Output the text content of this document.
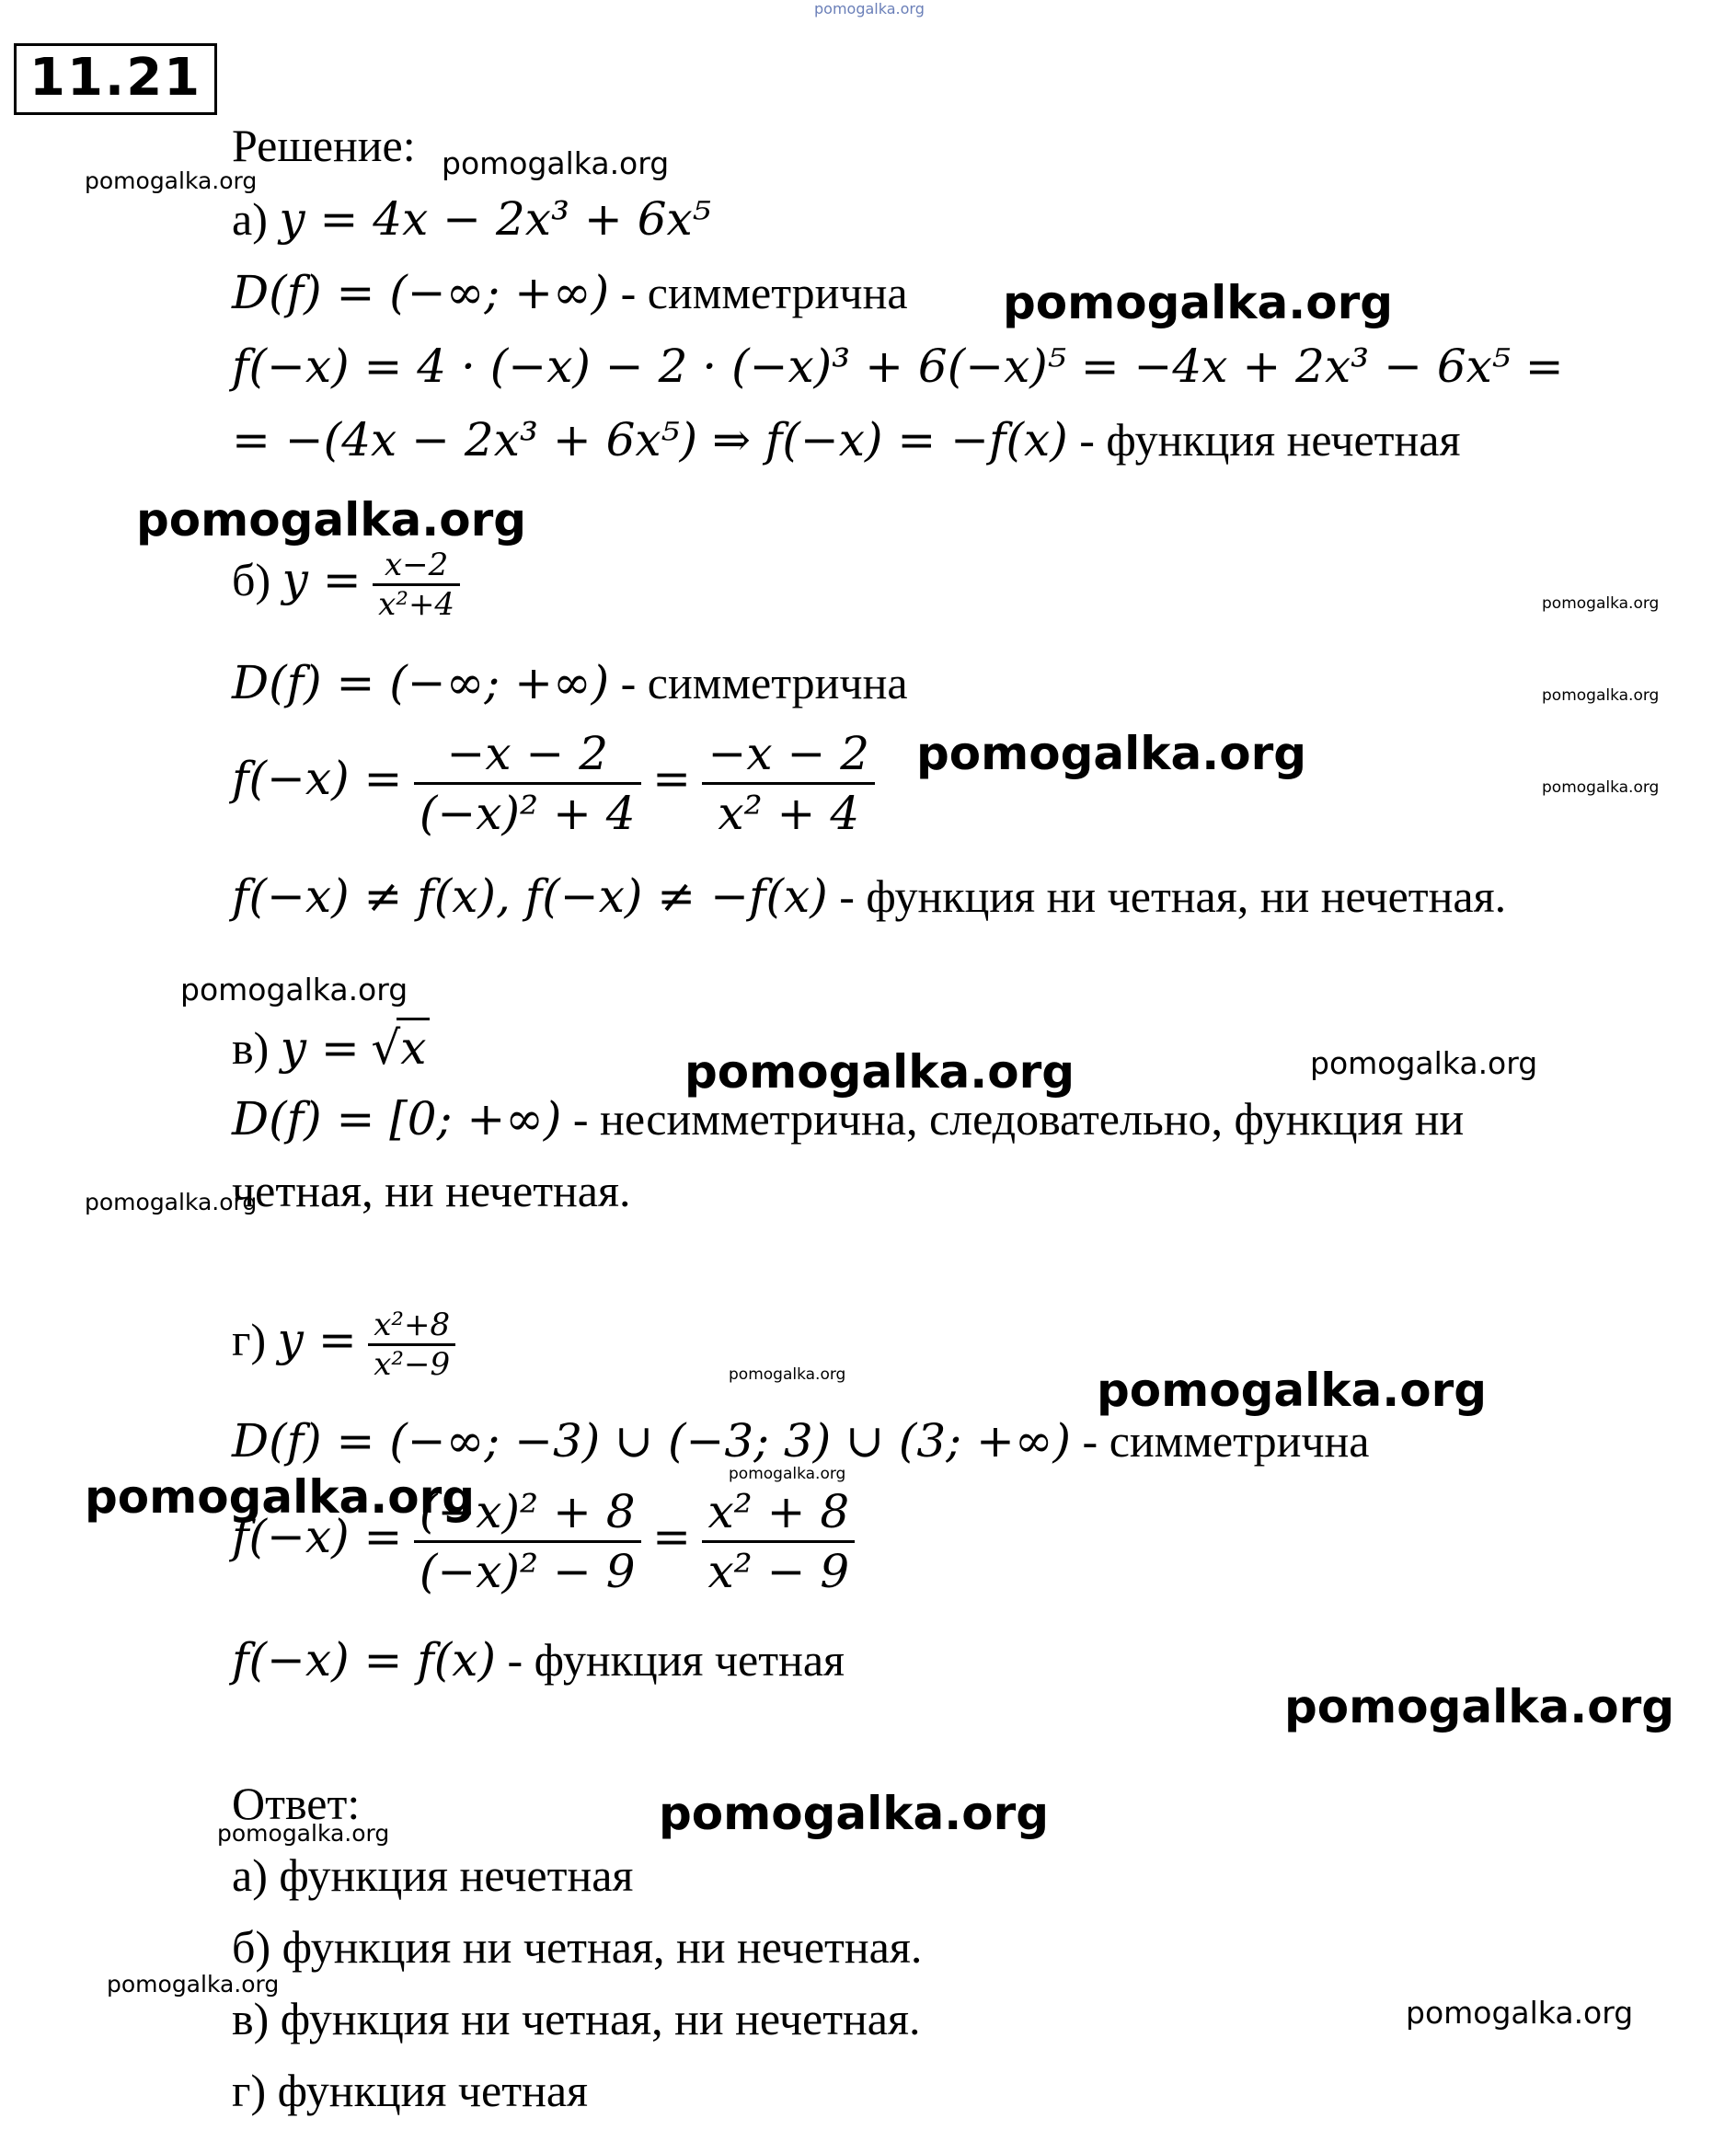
11.21
pomogalka.org
Решение:
а) y = 4x − 2x³ + 6x⁵
D(f) = (−∞; +∞) - симметрична
f(−x) = 4 · (−x) − 2 · (−x)³ + 6(−x)⁵ = −4x + 2x³ − 6x⁵ =
= −(4x − 2x³ + 6x⁵) ⇒ f(−x) = −f(x) - функция нечетная
б) $y = \frac{x-2}{\text{x²+4}}$
D(f) = (−∞; +∞) - симметрична
$f(-x) = \frac{-x - 2}{\text{(−x)² + 4}} = \frac{-x - 2}{\text{x² + 4}}$
f(−x) ≠ f(x), f(−x) ≠ −f(x) - функция ни четная, ни нечетная.
в) y = √x
D(f) = [0; +∞) - несимметрична, следовательно, функция ни
четная, ни нечетная.
г) $y = \frac{\text{x²+8}}{\text{x²−9}}$
D(f) = (−∞; −3) ∪ (−3; 3) ∪ (3; +∞) - симметрична
$f(-x) = \frac{\text{(−x)² + 8}}{\text{(−x)² − 9}} = \frac{\text{x² + 8}}{\text{x² − 9}}$
f(−x) = f(x) - функция четная
Ответ:
а) функция нечетная
б) функция ни четная, ни нечетная.
в) функция ни четная, ни нечетная.
г) функция четная
pomogalka.org
pomogalka.org
pomogalka.org
pomogalka.org
pomogalka.org
pomogalka.org
pomogalka.org
pomogalka.org
pomogalka.org
pomogalka.org	pomogalka.org
pomogalka.org
pomogalka.org	pomogalka.org
pomogalka.org
pomogalka.org
pomogalka.org
pomogalka.org
pomogalka.org
pomogalka.org
pomogalka.org
